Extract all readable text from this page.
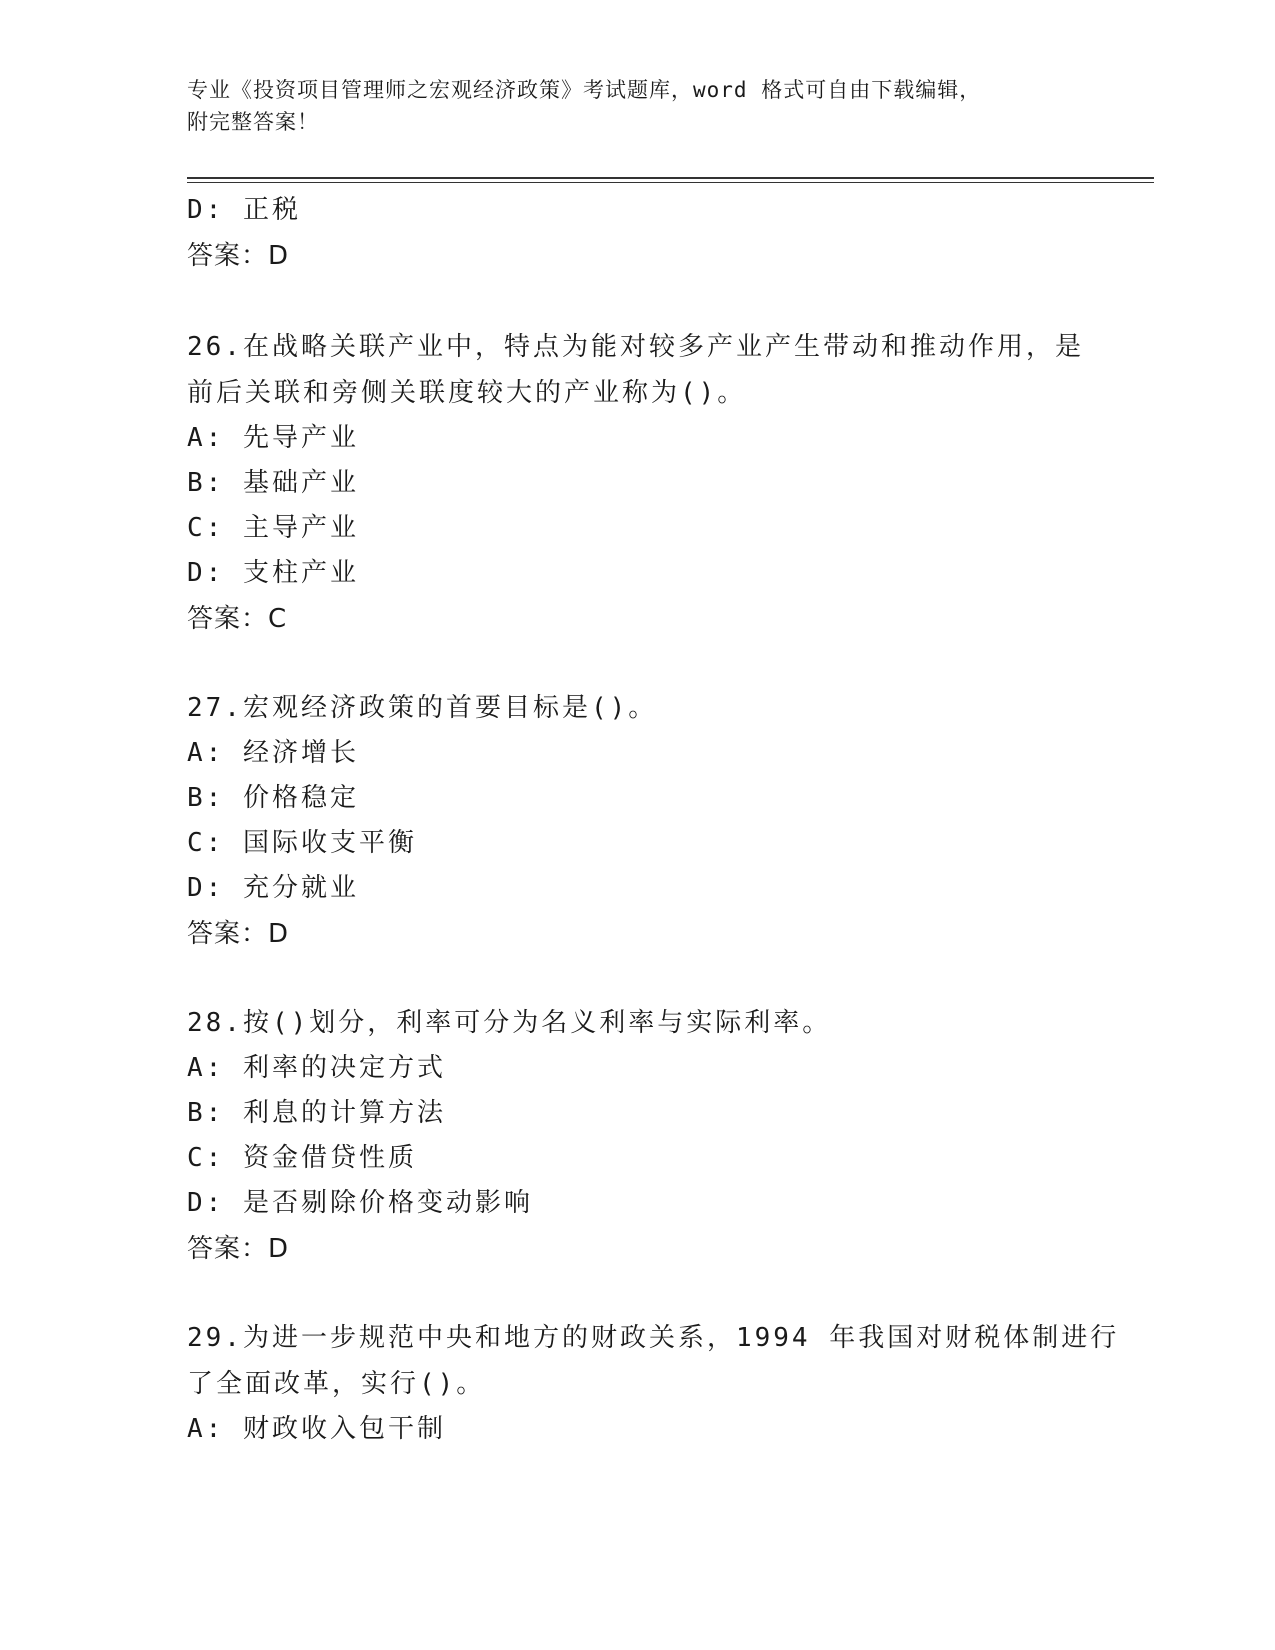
专业《投资项目管理师之宏观经济政策》考试题库，word 格式可自由下载编辑，
附完整答案！
D: 正税
答案：D
26.在战略关联产业中，特点为能对较多产业产生带动和推动作用，是
前后关联和旁侧关联度较大的产业称为()。
A: 先导产业
B: 基础产业
C: 主导产业
D: 支柱产业
答案：C
27.宏观经济政策的首要目标是()。
A: 经济增长
B: 价格稳定
C: 国际收支平衡
D: 充分就业
答案：D
28.按()划分，利率可分为名义利率与实际利率。
A: 利率的决定方式
B: 利息的计算方法
C: 资金借贷性质
D: 是否剔除价格变动影响
答案：D
29.为进一步规范中央和地方的财政关系，1994 年我国对财税体制进行
了全面改革，实行()。
A: 财政收入包干制
